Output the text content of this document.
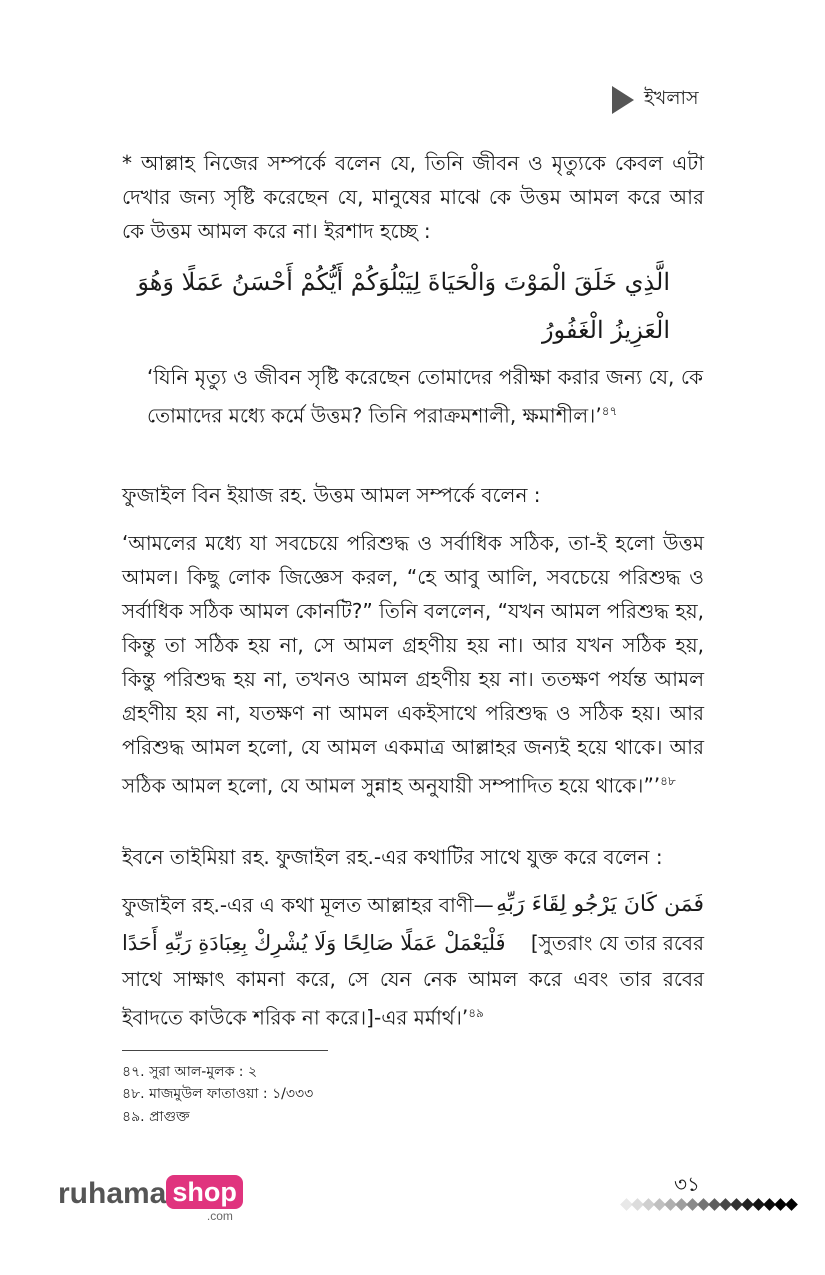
ইখলাস
* আল্লাহ নিজের সম্পর্কে বলেন যে, তিনি জীবন ও মৃত্যুকে কেবল এটা দেখার জন্য সৃষ্টি করেছেন যে, মানুষের মাঝে কে উত্তম আমল করে আর কে উত্তম আমল করে না। ইরশাদ হচ্ছে :
الَّذِي خَلَقَ الْمَوْتَ وَالْحَيَاةَ لِيَبْلُوَكُمْ أَيُّكُمْ أَحْسَنُ عَمَلًا وَهُوَ
الْعَزِيزُ الْغَفُورُ
‘যিনি মৃত্যু ও জীবন সৃষ্টি করেছেন তোমাদের পরীক্ষা করার জন্য যে, কে তোমাদের মধ্যে কর্মে উত্তম? তিনি পরাক্রমশালী, ক্ষমাশীল।’$^{৪৭}$
ফুজাইল বিন ইয়াজ রহ. উত্তম আমল সম্পর্কে বলেন :
‘আমলের মধ্যে যা সবচেয়ে পরিশুদ্ধ ও সর্বাধিক সঠিক, তা-ই হলো উত্তম আমল। কিছু লোক জিজ্ঞেস করল, “হে আবু আলি, সবচেয়ে পরিশুদ্ধ ও সর্বাধিক সঠিক আমল কোনটি?” তিনি বললেন, “যখন আমল পরিশুদ্ধ হয়, কিন্তু তা সঠিক হয় না, সে আমল গ্রহণীয় হয় না। আর যখন সঠিক হয়, কিন্তু পরিশুদ্ধ হয় না, তখনও আমল গ্রহণীয় হয় না। ততক্ষণ পর্যন্ত আমল গ্রহণীয় হয় না, যতক্ষণ না আমল একইসাথে পরিশুদ্ধ ও সঠিক হয়। আর পরিশুদ্ধ আমল হলো, যে আমল একমাত্র আল্লাহর জন্যই হয়ে থাকে। আর সঠিক আমল হলো, যে আমল সুন্নাহ অনুযায়ী সম্পাদিত হয়ে থাকে।”’$^{৪৮}$
ইবনে তাইমিয়া রহ. ফুজাইল রহ.-এর কথাটির সাথে যুক্ত করে বলেন :
ফুজাইল রহ.-এর এ কথা মূলত আল্লাহর বাণী— فَمَن كَانَ يَرْجُو لِقَاءَ رَبِّهِ
فَلْيَعْمَلْ عَمَلًا صَالِحًا وَلَا يُشْرِكْ بِعِبَادَةِ رَبِّهِ أَحَدًا [সুতরাং যে তার রবের
সাথে সাক্ষাৎ কামনা করে, সে যেন নেক আমল করে এবং তার রবের ইবাদতে কাউকে শরিক না করে।]-এর মর্মার্থ।’$^{৪৯}$
৪৭. সুরা আল-মুলক : ২
৪৮. মাজমুউল ফাতাওয়া : ১/৩৩৩
৪৯. প্রাগুক্ত
ruhama shop
.com
৩১
